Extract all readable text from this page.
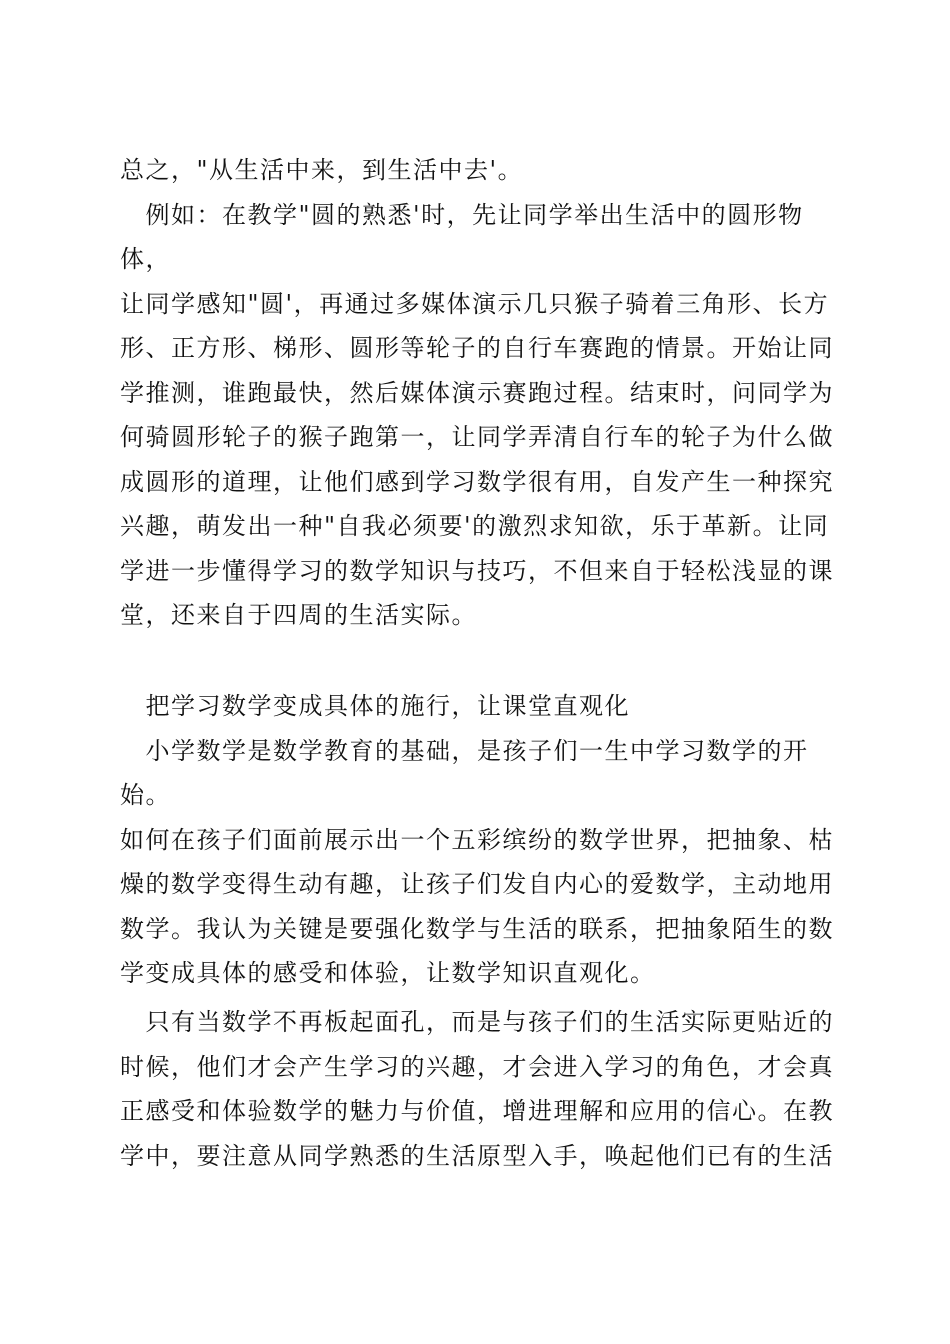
总之，"从生活中来，到生活中去'。
　例如：在教学"圆的熟悉'时，先让同学举出生活中的圆形物体，
让同学感知"圆'，再通过多媒体演示几只猴子骑着三角形、长方
形、正方形、梯形、圆形等轮子的自行车赛跑的情景。开始让同
学推测，谁跑最快，然后媒体演示赛跑过程。结束时，问同学为
何骑圆形轮子的猴子跑第一，让同学弄清自行车的轮子为什么做
成圆形的道理，让他们感到学习数学很有用，自发产生一种探究
兴趣，萌发出一种"自我必须要'的激烈求知欲，乐于革新。让同
学进一步懂得学习的数学知识与技巧，不但来自于轻松浅显的课
堂，还来自于四周的生活实际。

　把学习数学变成具体的施行，让课堂直观化
　小学数学是数学教育的基础，是孩子们一生中学习数学的开始。
如何在孩子们面前展示出一个五彩缤纷的数学世界，把抽象、枯
燥的数学变得生动有趣，让孩子们发自内心的爱数学，主动地用
数学。我认为关键是要强化数学与生活的联系，把抽象陌生的数
学变成具体的感受和体验，让数学知识直观化。

　只有当数学不再板起面孔，而是与孩子们的生活实际更贴近的
时候，他们才会产生学习的兴趣，才会进入学习的角色，才会真
正感受和体验数学的魅力与价值，增进理解和应用的信心。在教
学中，要注意从同学熟悉的生活原型入手，唤起他们已有的生活
